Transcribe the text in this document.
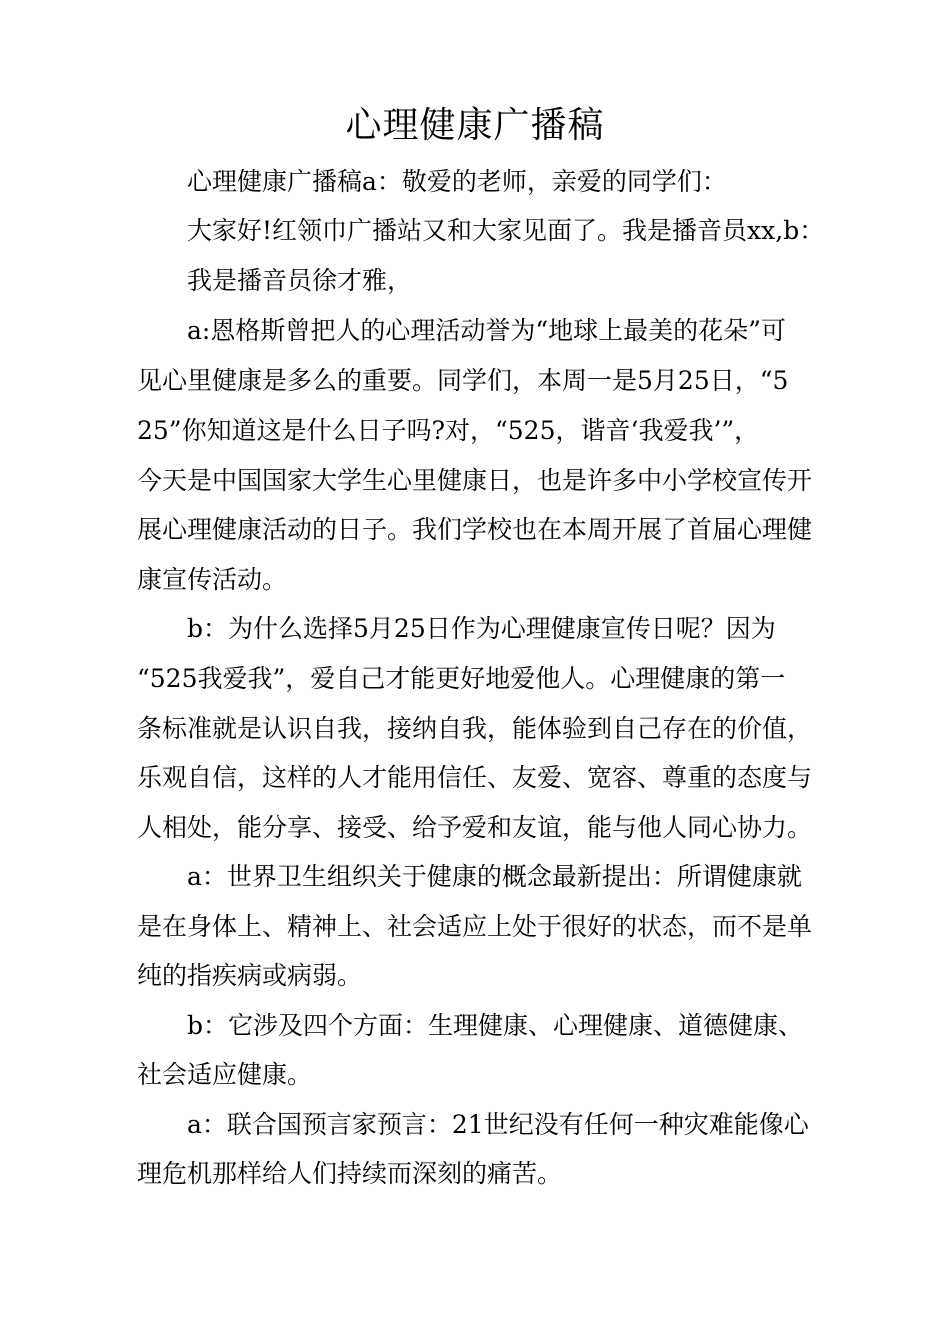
心理健康广播稿
心理健康广播稿a：敬爱的老师，亲爱的同学们：
大家好!红领巾广播站又和大家见面了。我是播音员xx,b：
我是播音员徐才雅，
a:恩格斯曾把人的心理活动誉为“地球上最美的花朵”可
见心里健康是多么的重要。同学们，本周一是5月25日，“5
25”你知道这是什么日子吗?对，“525，谐音‘我爱我’”，
今天是中国国家大学生心里健康日，也是许多中小学校宣传开
展心理健康活动的日子。我们学校也在本周开展了首届心理健
康宣传活动。
b：为什么选择5月25日作为心理健康宣传日呢？因为
“525我爱我”，爱自己才能更好地爱他人。心理健康的第一
条标准就是认识自我，接纳自我，能体验到自己存在的价值，
乐观自信，这样的人才能用信任、友爱、宽容、尊重的态度与
人相处，能分享、接受、给予爱和友谊，能与他人同心协力。
a：世界卫生组织关于健康的概念最新提出：所谓健康就
是在身体上、精神上、社会适应上处于很好的状态，而不是单
纯的指疾病或病弱。
b：它涉及四个方面：生理健康、心理健康、道德健康、
社会适应健康。
a：联合国预言家预言：21世纪没有任何一种灾难能像心
理危机那样给人们持续而深刻的痛苦。
